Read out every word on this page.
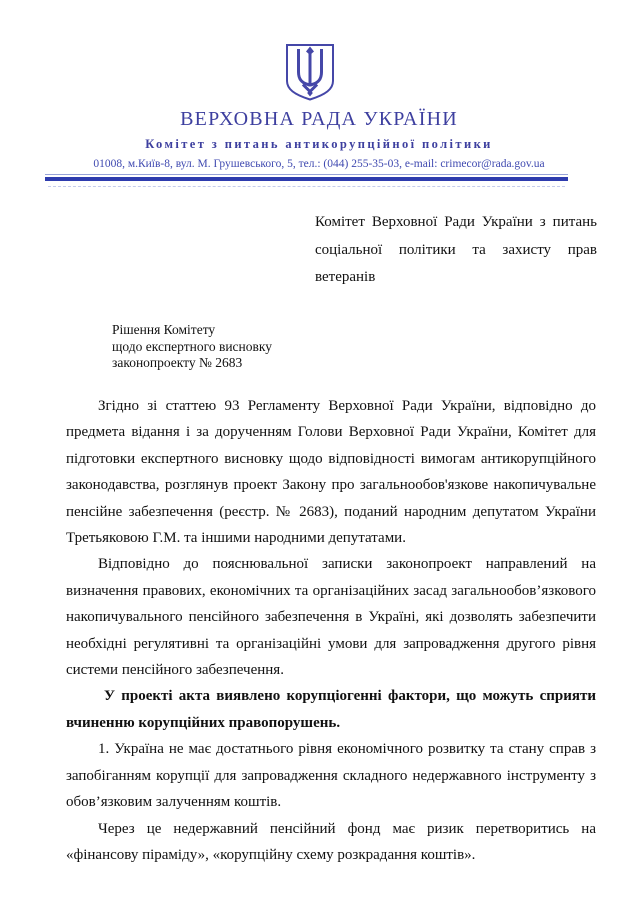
ВЕРХОВНА РАДА УКРАЇНИ
Комітет з питань антикорупційної політики
01008, м.Київ-8, вул. М. Грушевського, 5, тел.: (044) 255-35-03, e-mail: crimecor@rada.gov.ua
Комітет Верховної Ради України з питань
соціальної політики та захисту прав
ветеранів
Рішення Комітету
щодо експертного висновку
законопроекту № 2683

Згідно зі статтею 93 Регламенту Верховної Ради України, відповідно до предмета відання і за дорученням Голови Верховної Ради України, Комітет для підготовки експертного висновку щодо відповідності вимогам антикорупційного законодавства, розглянув проект Закону про загальнообов'язкове накопичувальне пенсійне забезпечення (реєстр. № 2683), поданий народним депутатом України Третьяковою Г.М. та іншими народними депутатами.

Відповідно до пояснювальної записки законопроект направлений на визначення правових, економічних та організаційних засад загальнообов’язкового накопичувального пенсійного забезпечення в Україні, які дозволять забезпечити необхідні регулятивні та організаційні умови для запровадження другого рівня системи пенсійного забезпечення.

У проекті акта виявлено корупціогенні фактори, що можуть сприяти вчиненню корупційних правопорушень.

1. Україна не має достатнього рівня економічного розвитку та стану справ з запобіганням корупції для запровадження складного недержавного інструменту з обов’язковим залученням коштів.

Через це недержавний пенсійний фонд має ризик перетворитись на «фінансову піраміду», «корупційну схему розкрадання коштів».
